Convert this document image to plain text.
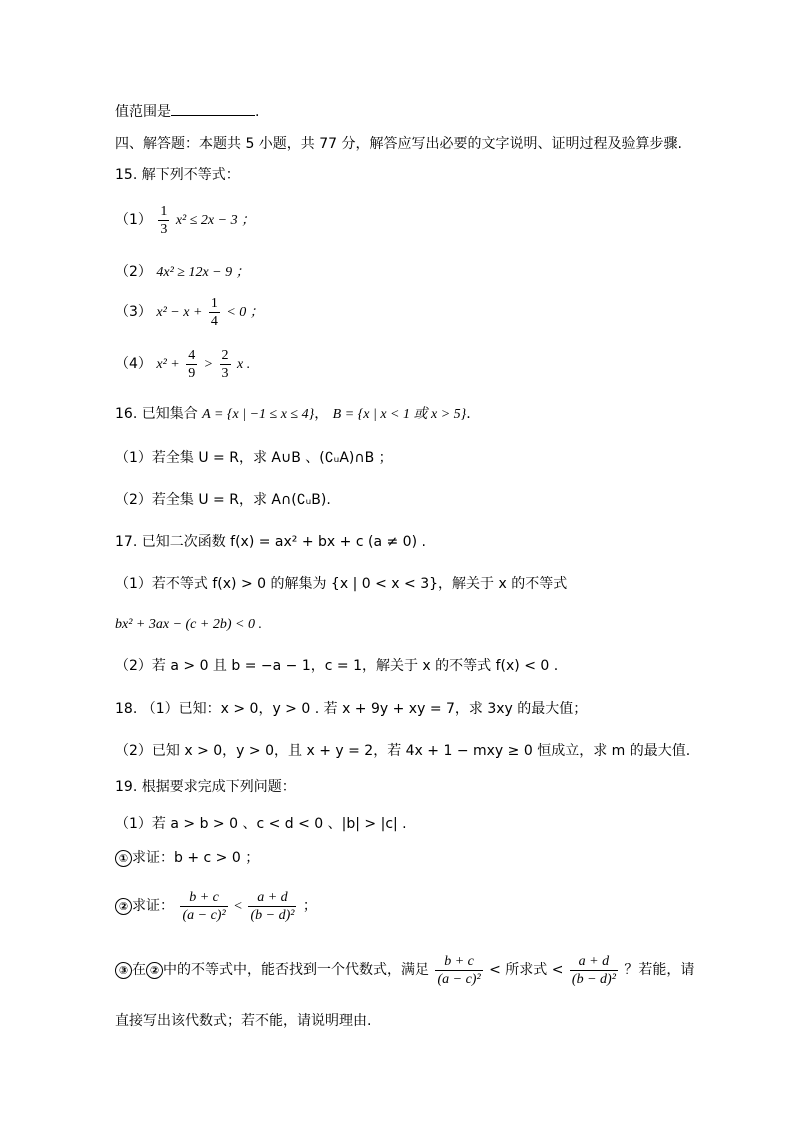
值范围是	.
四、解答题：本题共 5 小题，共 77 分，解答应写出必要的文字说明、证明过程及验算步骤.
15. 解下列不等式：
$(1) \frac{1}{3} x^2 \le 2x - 3$ ；
（2） 4x² ≥ 12x − 9 ；
（3） $x^2 - x + \frac{1}{4} < 0$ ；
（4） $x^2 + \frac{4}{9} > \frac{2}{3}$ x .
16. 已知集合 A = {x | −1 ≤ x ≤ 4}， B = {x | x < 1 或 x > 5}.
（1）若全集 U = R，求 A∪B 、(∁ᵤA)∩B ；
（2）若全集 U = R，求 A∩(∁ᵤB).
17. 已知二次函数 f(x) = ax² + bx + c (a ≠ 0) .
（1）若不等式 f(x) > 0 的解集为 {x | 0 < x < 3}，解关于 x 的不等式
bx² + 3ax − (c + 2b) < 0 .
（2）若 a > 0 且 b = −a − 1，c = 1，解关于 x 的不等式 f(x) < 0 .
18. （1）已知：x > 0，y > 0 . 若 x + 9y + xy = 7，求 3xy 的最大值；
（2）已知 x > 0，y > 0，且 x + y = 2，若 4x + 1 − mxy ≥ 0 恒成立，求 m 的最大值.
19. 根据要求完成下列问题：
（1）若 a > b > 0 、c < d < 0 、|b| > |c| .
① 求证：b + c > 0 ；
② 求证： $\frac{b + c}{\text{(a − c)²}} < \frac{a + d}{\text{(b − d)²}}$ ；
③ 在 ② 中的不等式中，能否找到一个代数式，满足 $\frac{b + c}{\text{(a − c)²}}$ < 所求式 < $\frac{a + d}{\text{(b − d)²}}$ ？若能，请
直接写出该代数式；若不能，请说明理由.
